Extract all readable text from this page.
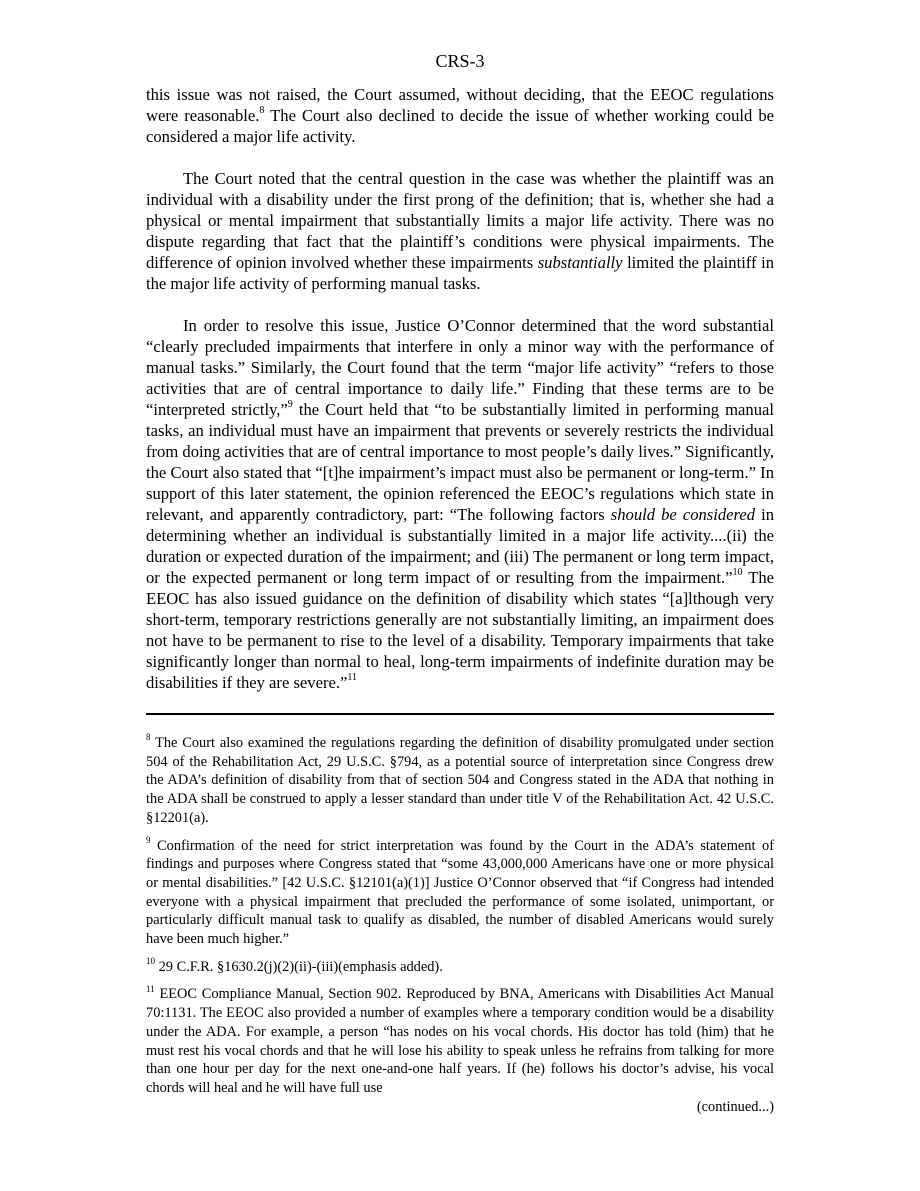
CRS-3

this issue was not raised, the Court assumed, without deciding, that the EEOC regulations were reasonable.$^8$ The Court also declined to decide the issue of whether working could be considered a major life activity.

The Court noted that the central question in the case was whether the plaintiff was an individual with a disability under the first prong of the definition; that is, whether she had a physical or mental impairment that substantially limits a major life activity. There was no dispute regarding that fact that the plaintiff’s conditions were physical impairments. The difference of opinion involved whether these impairments substantially limited the plaintiff in the major life activity of performing manual tasks.

In order to resolve this issue, Justice O’Connor determined that the word substantial “clearly precluded impairments that interfere in only a minor way with the performance of manual tasks.” Similarly, the Court found that the term “major life activity” “refers to those activities that are of central importance to daily life.” Finding that these terms are to be “interpreted strictly,”$^9$ the Court held that “to be substantially limited in performing manual tasks, an individual must have an impairment that prevents or severely restricts the individual from doing activities that are of central importance to most people’s daily lives.” Significantly, the Court also stated that “[t]he impairment’s impact must also be permanent or long-term.” In support of this later statement, the opinion referenced the EEOC’s regulations which state in relevant, and apparently contradictory, part: “The following factors should be considered in determining whether an individual is substantially limited in a major life activity....(ii) the duration or expected duration of the impairment; and (iii) The permanent or long term impact, or the expected permanent or long term impact of or resulting from the impairment.”$^{10}$ The EEOC has also issued guidance on the definition of disability which states “[a]lthough very short-term, temporary restrictions generally are not substantially limiting, an impairment does not have to be permanent to rise to the level of a disability. Temporary impairments that take significantly longer than normal to heal, long-term impairments of indefinite duration may be disabilities if they are severe.”$^{11}$

$^8$ The Court also examined the regulations regarding the definition of disability promulgated under section 504 of the Rehabilitation Act, 29 U.S.C. §794, as a potential source of interpretation since Congress drew the ADA’s definition of disability from that of section 504 and Congress stated in the ADA that nothing in the ADA shall be construed to apply a lesser standard than under title V of the Rehabilitation Act. 42 U.S.C. §12201(a).

$^9$ Confirmation of the need for strict interpretation was found by the Court in the ADA’s statement of findings and purposes where Congress stated that “some 43,000,000 Americans have one or more physical or mental disabilities.” [42 U.S.C. §12101(a)(1)] Justice O’Connor observed that “if Congress had intended everyone with a physical impairment that precluded the performance of some isolated, unimportant, or particularly difficult manual task to qualify as disabled, the number of disabled Americans would surely have been much higher.”

$^{10}$ 29 C.F.R. §1630.2(j)(2)(ii)-(iii)(emphasis added).

$^{11}$ EEOC Compliance Manual, Section 902. Reproduced by BNA, Americans with Disabilities Act Manual 70:1131. The EEOC also provided a number of examples where a temporary condition would be a disability under the ADA. For example, a person “has nodes on his vocal chords. His doctor has told (him) that he must rest his vocal chords and that he will lose his ability to speak unless he refrains from talking for more than one hour per day for the next one-and-one half years. If (he) follows his doctor’s advise, his vocal chords will heal and he will have full use

(continued...)
